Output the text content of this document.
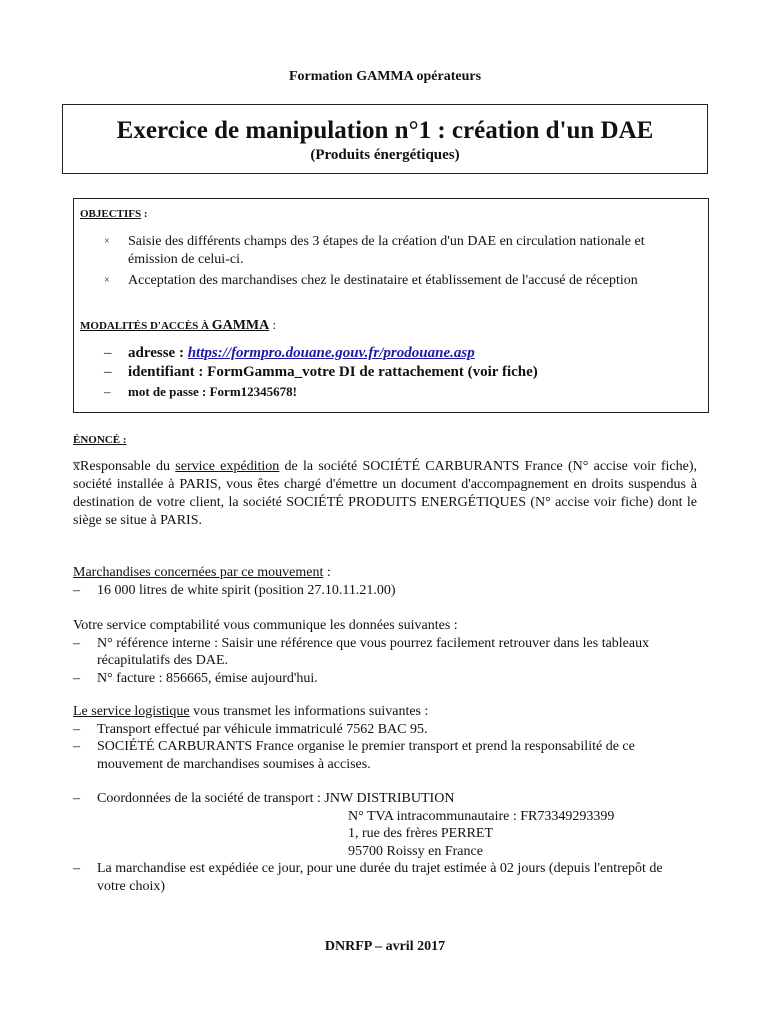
Formation GAMMA opérateurs
Exercice de manipulation n°1 : création d'un DAE
(Produits énergétiques)
OBJECTIFS :
× Saisie des différents champs des 3 étapes de la création d'un DAE en circulation nationale et émission de celui-ci.
× Acceptation des marchandises chez le destinataire et établissement de l'accusé de réception
MODALITÉS D'ACCÈS À GAMMA :
– adresse : https://formpro.douane.gouv.fr/prodouane.asp
– identifiant : FormGamma_votre DI de rattachement (voir fiche)
– mot de passe : Form12345678!
ÉNONCÉ :
x̅Responsable du service expédition de la société SOCIÉTÉ CARBURANTS France (N° accise voir fiche), société installée à PARIS, vous êtes chargé d'émettre un document d'accompagnement en droits suspendus à destination de votre client, la société SOCIÉTÉ PRODUITS ENERGÉTIQUES (N° accise voir fiche) dont le siège se situe à PARIS.
Marchandises concernées par ce mouvement :
– 16 000 litres de white spirit (position 27.10.11.21.00)
Votre service comptabilité vous communique les données suivantes :
– N° référence interne : Saisir une référence que vous pourrez facilement retrouver dans les tableaux récapitulatifs des DAE.
– N° facture : 856665, émise aujourd'hui.
Le service logistique vous transmet les informations suivantes :
– Transport effectué par véhicule immatriculé 7562 BAC 95.
– SOCIÉTÉ CARBURANTS France organise le premier transport et prend la responsabilité de ce mouvement de marchandises soumises à accises.
– Coordonnées de la société de transport : JNW DISTRIBUTION
N° TVA intracommunautaire : FR73349293399
1, rue des frères PERRET
95700 Roissy en France
– La marchandise est expédiée ce jour, pour une durée du trajet estimée à 02 jours (depuis l'entrepôt de votre choix)
DNRFP – avril 2017
